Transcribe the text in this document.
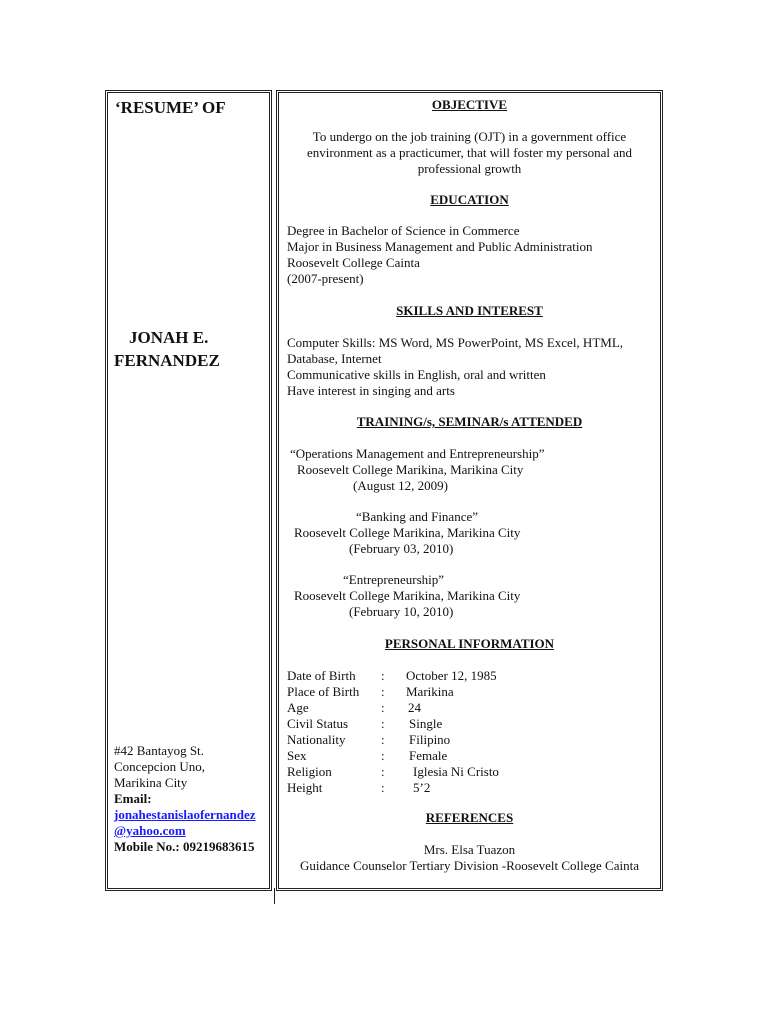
‘RESUME’ OF
JONAH E.
FERNANDEZ
#42 Bantayog St.
Concepcion Uno,
Marikina City
Email:
jonahestanislaofernandez
@yahoo.com
Mobile No.: 09219683615
OBJECTIVE
To undergo on the job training (OJT) in a government office
environment as a practicumer, that will foster my personal and
professional growth
EDUCATION
Degree in Bachelor of Science in Commerce
Major in Business Management and Public Administration
Roosevelt College Cainta
(2007-present)
SKILLS AND INTEREST
Computer Skills: MS Word, MS PowerPoint, MS Excel, HTML,
Database, Internet
Communicative skills in English, oral and written
Have interest in singing and arts
TRAINING/s, SEMINAR/s ATTENDED
“Operations Management and Entrepreneurship”
Roosevelt College Marikina, Marikina City
(August 12, 2009)
“Banking and Finance”
Roosevelt College Marikina, Marikina City
(February 03, 2010)
“Entrepreneurship”
Roosevelt College Marikina, Marikina City
(February 10, 2010)
PERSONAL INFORMATION
Date of Birth	:	October 12, 1985
Place of Birth	:	Marikina
Age	:	24
Civil Status	:	Single
Nationality	:	Filipino
Sex	:	Female
Religion	:	Iglesia Ni Cristo
Height	:	5’2
REFERENCES
Mrs. Elsa Tuazon
Guidance Counselor Tertiary Division -Roosevelt College Cainta
